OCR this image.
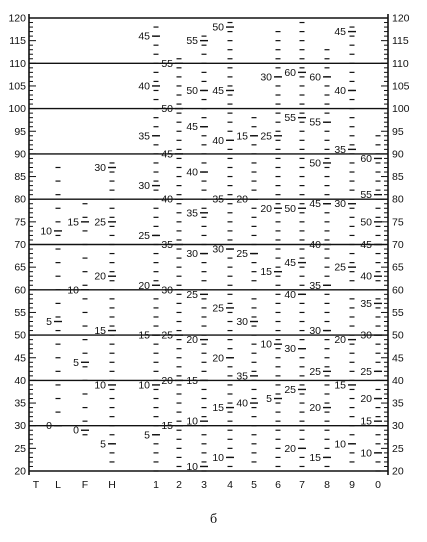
20
25
30
35
40
45
50
55
60
65
70
75
80
85
90
95
100
105
110
115
120
20
25
30
35
40
45
50
55
60
65
70
75
80
85
90
95
100
105
110
115
120
0
5
10
0
5
10
15
5
10
15
20
25
30
5
10
15
20
25
30
35
40
45
15
20
25
30
35
40
45
50
55
10
10
15
20
25
30
35
40
45
50
55
10
15
20
25
30
35
40
45
50
40
35
30
25
20
15
5
10
15
20
25
30
20
25
30
40
45
50
55
60
15
20
25
30
35
40
45
50
55
60
10
15
20
25
30
35
40
45
10
15
20
25
30
35
40
45
50
55
60
T L F H	1 2 3 4 5 6 7 8 9 0
б
